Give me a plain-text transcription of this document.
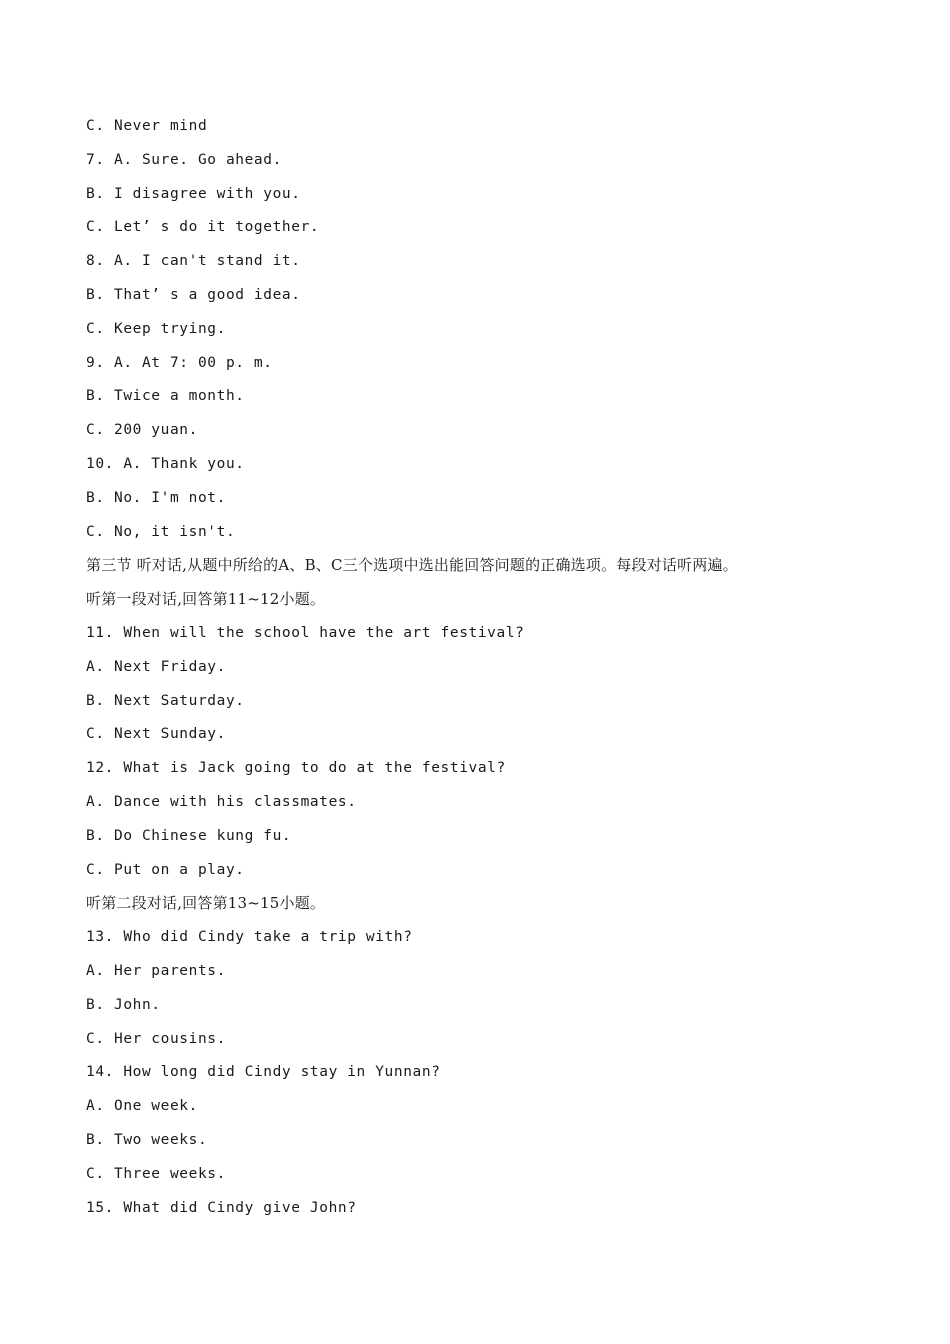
C. Never mind
7. A. Sure. Go ahead.
B. I disagree with you.
C. Let’ s do it together.
8. A. I can't stand it.
B. That’ s a good idea.
C. Keep trying.
9. A. At 7: 00 p. m.
B. Twice a month.
C. 200 yuan.
10. A. Thank you.
B. No. I'm not.
C. No, it isn't.
第三节 听对话,从题中所给的A、B、C三个选项中选出能回答问题的正确选项。每段对话听两遍。
听第一段对话,回答第11~12小题。
11. When will the school have the art festival?
A. Next Friday.
B. Next Saturday.
C. Next Sunday.
12. What is Jack going to do at the festival?
A. Dance with his classmates.
B. Do Chinese kung fu.
C. Put on a play.
听第二段对话,回答第13~15小题。
13. Who did Cindy take a trip with?
A. Her parents.
B. John.
C. Her cousins.
14. How long did Cindy stay in Yunnan?
A. One week.
B. Two weeks.
C. Three weeks.
15. What did Cindy give John?
